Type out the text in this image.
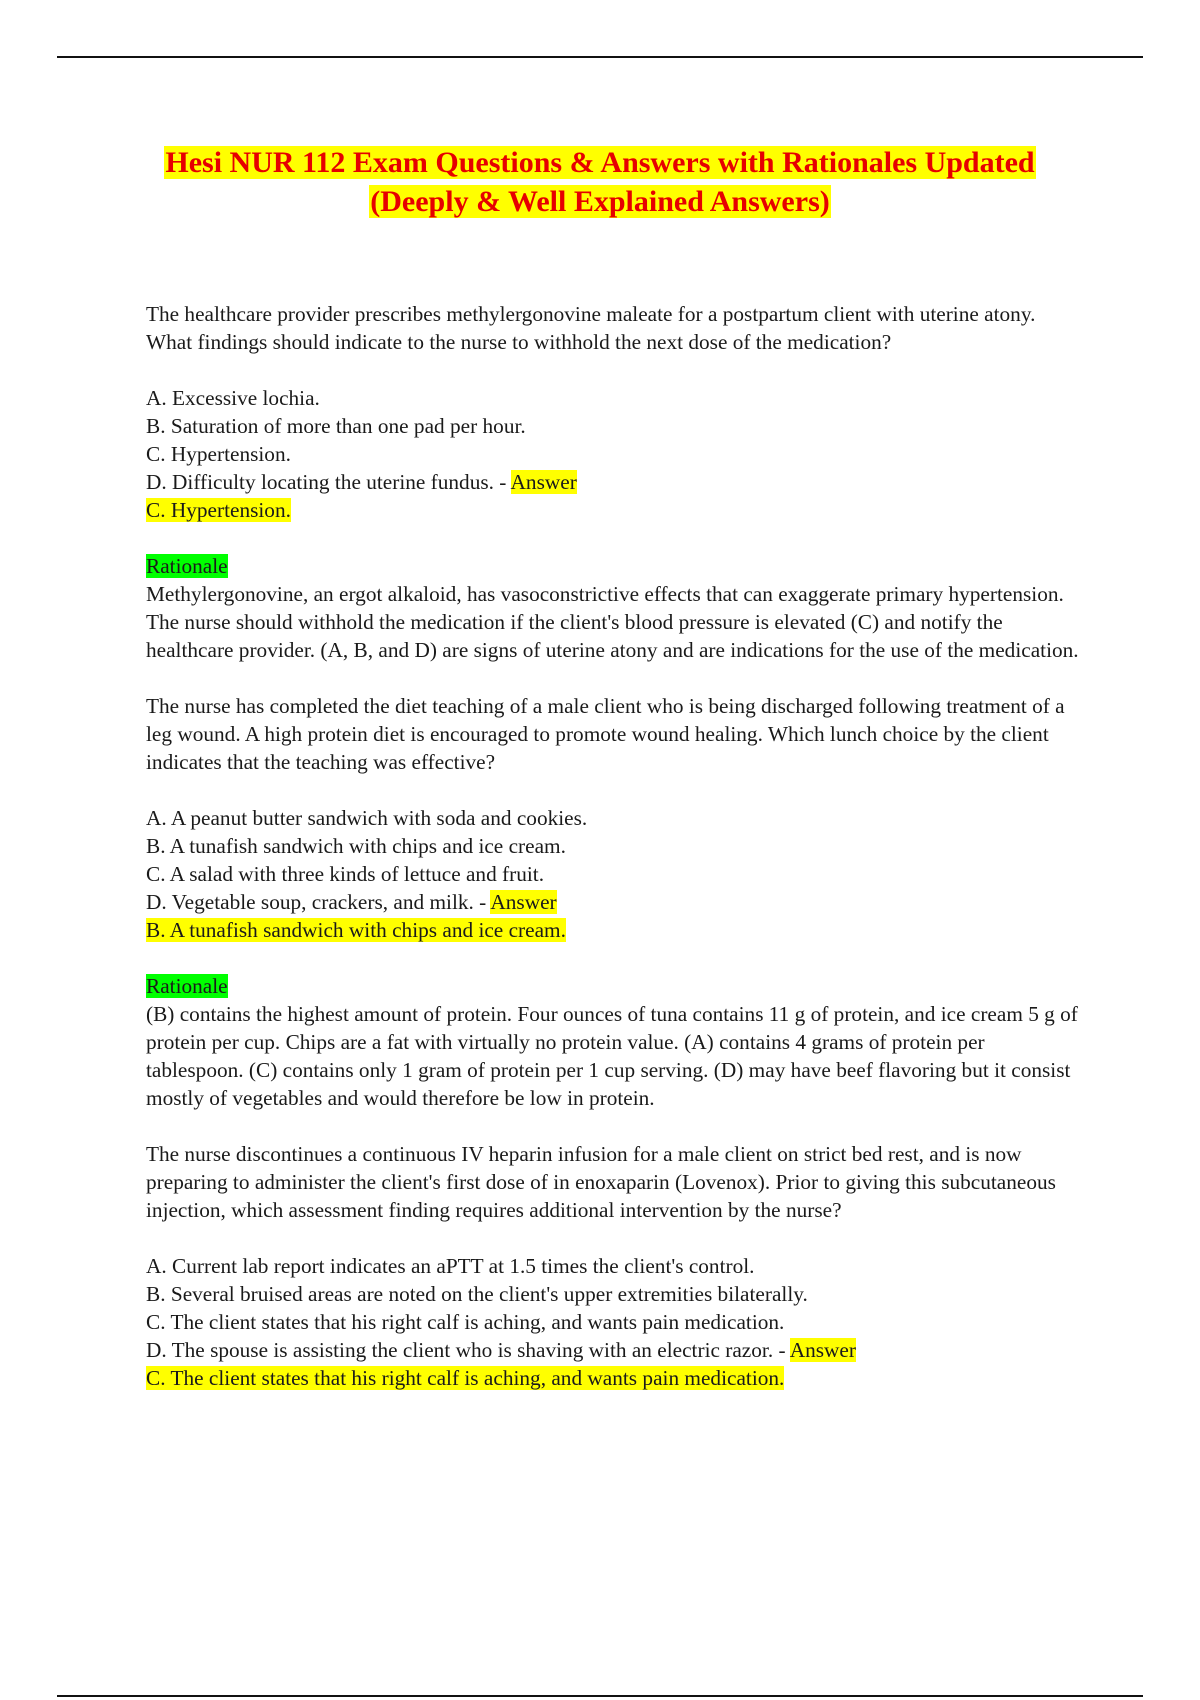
Hesi NUR 112 Exam Questions & Answers with Rationales Updated
(Deeply & Well Explained Answers)

The healthcare provider prescribes methylergonovine maleate for a postpartum client with uterine atony. What findings should indicate to the nurse to withhold the next dose of the medication?

A. Excessive lochia.

B. Saturation of more than one pad per hour.

C. Hypertension.

D. Difficulty locating the uterine fundus. - Answer

C. Hypertension.

Rationale

Methylergonovine, an ergot alkaloid, has vasoconstrictive effects that can exaggerate primary hypertension. The nurse should withhold the medication if the client's blood pressure is elevated (C) and notify the healthcare provider. (A, B, and D) are signs of uterine atony and are indications for the use of the medication.

The nurse has completed the diet teaching of a male client who is being discharged following treatment of a leg wound. A high protein diet is encouraged to promote wound healing. Which lunch choice by the client indicates that the teaching was effective?

A. A peanut butter sandwich with soda and cookies.

B. A tunafish sandwich with chips and ice cream.

C. A salad with three kinds of lettuce and fruit.

D. Vegetable soup, crackers, and milk. - Answer

B. A tunafish sandwich with chips and ice cream.

Rationale

(B) contains the highest amount of protein. Four ounces of tuna contains 11 g of protein, and ice cream 5 g of protein per cup. Chips are a fat with virtually no protein value. (A) contains 4 grams of protein per tablespoon. (C) contains only 1 gram of protein per 1 cup serving. (D) may have beef flavoring but it consist mostly of vegetables and would therefore be low in protein.

The nurse discontinues a continuous IV heparin infusion for a male client on strict bed rest, and is now preparing to administer the client's first dose of in enoxaparin (Lovenox). Prior to giving this subcutaneous injection, which assessment finding requires additional intervention by the nurse?

A. Current lab report indicates an aPTT at 1.5 times the client's control.

B. Several bruised areas are noted on the client's upper extremities bilaterally.

C. The client states that his right calf is aching, and wants pain medication.

D. The spouse is assisting the client who is shaving with an electric razor. - Answer

C. The client states that his right calf is aching, and wants pain medication.
